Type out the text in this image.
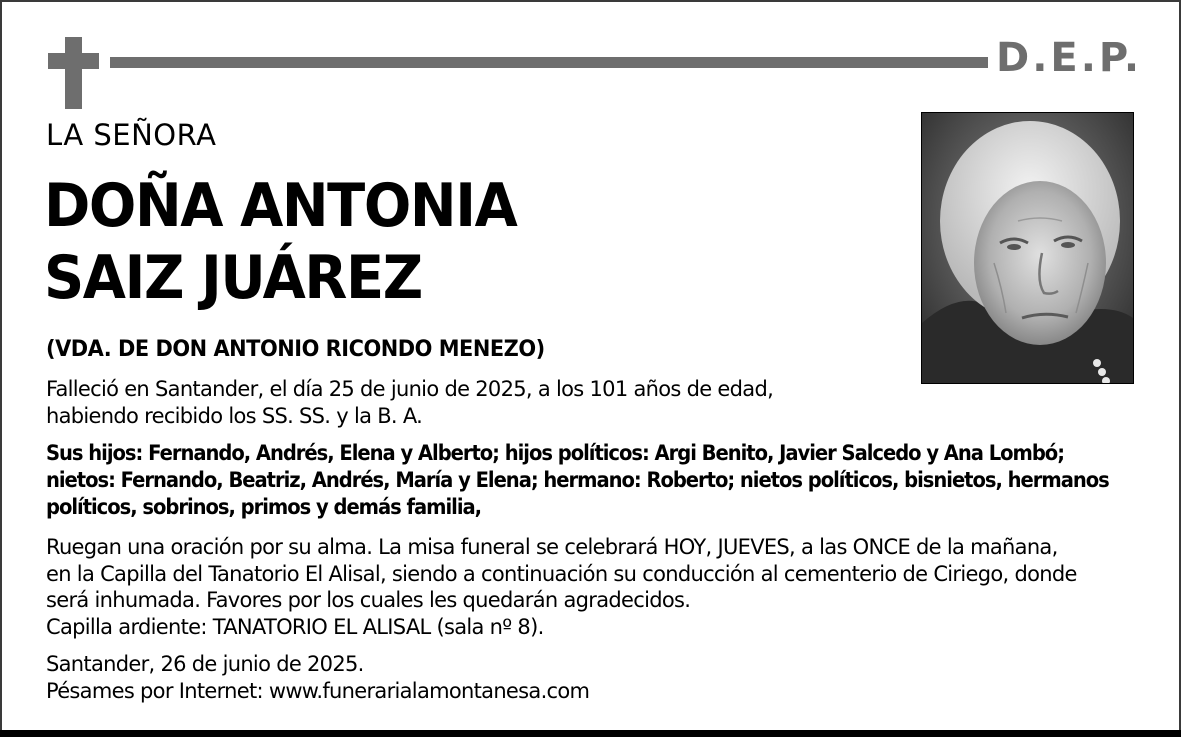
D.E.P.
LA SEÑORA
DOÑA ANTONIA
SAIZ JUÁREZ
(VDA. DE DON ANTONIO RICONDO MENEZO)
Falleció en Santander, el día 25 de junio de 2025, a los 101 años de edad,
habiendo recibido los SS. SS. y la B. A.
Sus hijos: Fernando, Andrés, Elena y Alberto; hijos políticos: Argi Benito, Javier Salcedo y Ana Lombó;
nietos: Fernando, Beatriz, Andrés, María y Elena; hermano: Roberto; nietos políticos, bisnietos, hermanos
políticos, sobrinos, primos y demás familia,
Ruegan una oración por su alma. La misa funeral se celebrará HOY, JUEVES, a las ONCE de la mañana,
en la Capilla del Tanatorio El Alisal, siendo a continuación su conducción al cementerio de Ciriego, donde
será inhumada. Favores por los cuales les quedarán agradecidos.
Capilla ardiente: TANATORIO EL ALISAL (sala nº 8).
Santander, 26 de junio de 2025.
Pésames por Internet: www.funerarialamontanesa.com
